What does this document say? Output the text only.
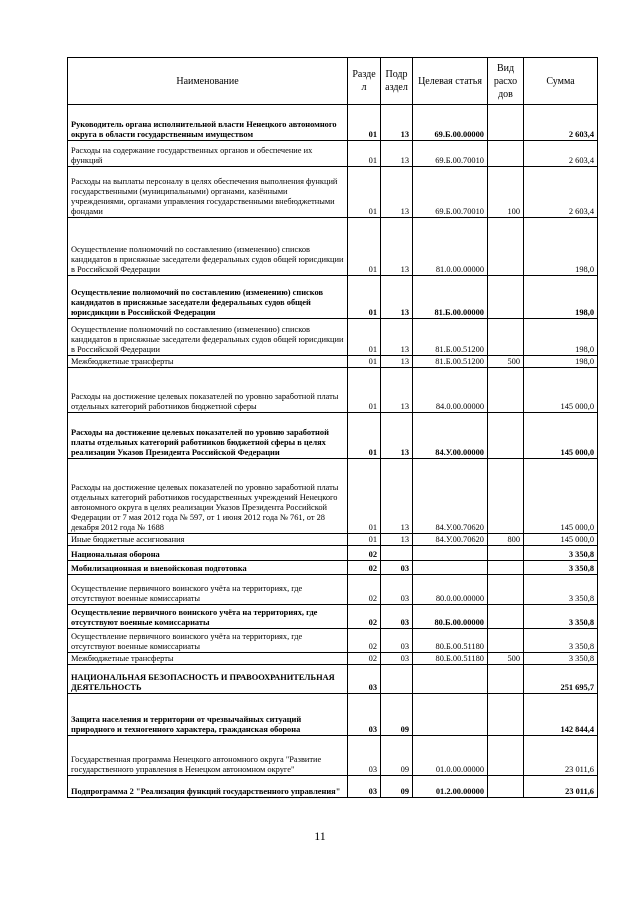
Наименование	Разде л	Подр аздел	Целевая статья	Вид расхо дов	Сумма
Руководитель органа исполнительной власти Ненецкого автономного округа в области государственным имуществом	01	13	69.Б.00.00000		2 603,4
Расходы на содержание государственных органов и обеспечение их функций	01	13	69.Б.00.70010		2 603,4
Расходы на выплаты персоналу в целях обеспечения выполнения функций государственными (муниципальными) органами, казёнными учреждениями, органами управления государственными внебюджетными фондами	01	13	69.Б.00.70010	100	2 603,4
Осуществление полномочий по составлению (изменению) списков кандидатов в присяжные заседатели федеральных судов общей юрисдикции в Российской Федерации	01	13	81.0.00.00000		198,0
Осуществление полномочий по составлению (изменению) списков кандидатов в присяжные заседатели федеральных судов общей юрисдикции в Российской Федерации	01	13	81.Б.00.00000		198,0
Осуществление полномочий по составлению (изменению) списков кандидатов в присяжные заседатели федеральных судов общей юрисдикции в Российской Федерации	01	13	81.Б.00.51200		198,0
Межбюджетные трансферты	01	13	81.Б.00.51200	500	198,0
Расходы на достижение целевых показателей по уровню заработной платы отдельных категорий работников бюджетной сферы	01	13	84.0.00.00000		145 000,0
Расходы на достижение целевых показателей по уровню заработной платы отдельных категорий работников бюджетной сферы в целях реализации Указов Президента Российской Федерации	01	13	84.У.00.00000		145 000,0
Расходы на достижение целевых показателей по уровню заработной платы отдельных категорий работников государственных учреждений Ненецкого автономного округа в целях реализации Указов Президента Российской Федерации от 7 мая 2012 года № 597, от 1 июня 2012 года № 761, от 28 декабря 2012 года № 1688	01	13	84.У.00.70620		145 000,0
Иные бюджетные ассигнования	01	13	84.У.00.70620	800	145 000,0
Национальная оборона	02				3 350,8
Мобилизационная и вневойсковая подготовка	02	03			3 350,8
Осуществление первичного воинского учёта на территориях, где отсутствуют военные комиссариаты	02	03	80.0.00.00000		3 350,8
Осуществление первичного воинского учёта на территориях, где отсутствуют военные комиссариаты	02	03	80.Б.00.00000		3 350,8
Осуществление первичного воинского учёта на территориях, где отсутствуют военные комиссариаты	02	03	80.Б.00.51180		3 350,8
Межбюджетные трансферты	02	03	80.Б.00.51180	500	3 350,8
НАЦИОНАЛЬНАЯ БЕЗОПАСНОСТЬ И ПРАВООХРАНИТЕЛЬНАЯ ДЕЯТЕЛЬНОСТЬ	03				251 695,7
Защита населения и территории от чрезвычайных ситуаций природного и техногенного характера, гражданская оборона	03	09			142 844,4
Государственная программа Ненецкого автономного округа "Развитие государственного управления в Ненецком автономном округе"	03	09	01.0.00.00000		23 011,6
Подпрограмма 2 "Реализация функций государственного управления"	03	09	01.2.00.00000		23 011,6
11
